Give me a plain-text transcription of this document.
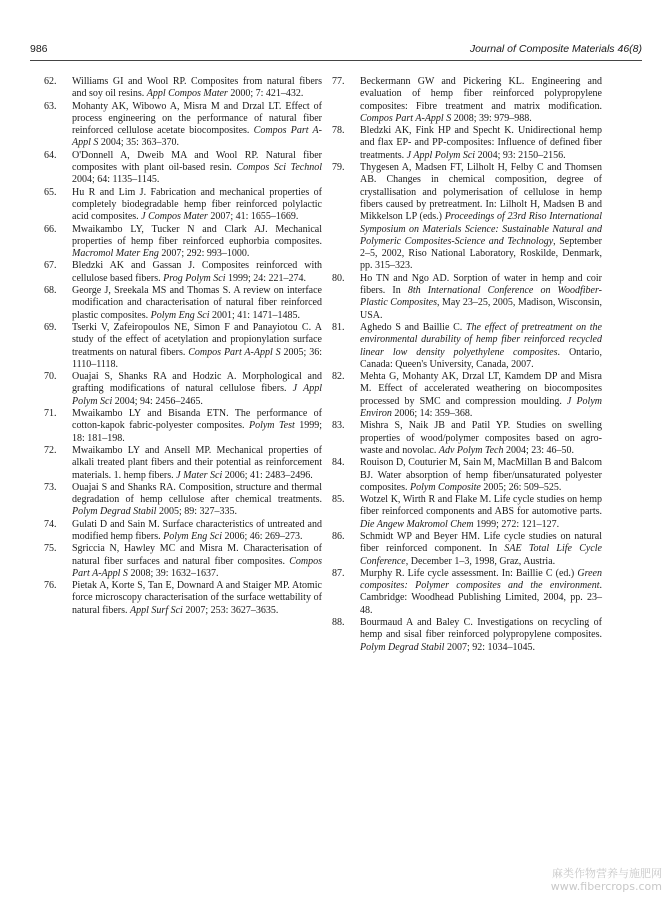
986	Journal of Composite Materials 46(8)
62. Williams GI and Wool RP. Composites from natural fibers and soy oil resins. Appl Compos Mater 2000; 7: 421–432.
63. Mohanty AK, Wibowo A, Misra M and Drzal LT. Effect of process engineering on the performance of natural fiber reinforced cellulose acetate biocomposites. Compos Part A-Appl S 2004; 35: 363–370.
64. O'Donnell A, Dweib MA and Wool RP. Natural fiber composites with plant oil-based resin. Compos Sci Technol 2004; 64: 1135–1145.
65. Hu R and Lim J. Fabrication and mechanical properties of completely biodegradable hemp fiber reinforced polylactic acid composites. J Compos Mater 2007; 41: 1655–1669.
66. Mwaikambo LY, Tucker N and Clark AJ. Mechanical properties of hemp fiber reinforced euphorbia composites. Macromol Mater Eng 2007; 292: 993–1000.
67. Bledzki AK and Gassan J. Composites reinforced with cellulose based fibers. Prog Polym Sci 1999; 24: 221–274.
68. George J, Sreekala MS and Thomas S. A review on interface modification and characterisation of natural fiber reinforced plastic composites. Polym Eng Sci 2001; 41: 1471–1485.
69. Tserki V, Zafeiropoulos NE, Simon F and Panayiotou C. A study of the effect of acetylation and propionylation surface treatments on natural fibers. Compos Part A-Appl S 2005; 36: 1110–1118.
70. Ouajai S, Shanks RA and Hodzic A. Morphological and grafting modifications of natural cellulose fibers. J Appl Polym Sci 2004; 94: 2456–2465.
71. Mwaikambo LY and Bisanda ETN. The performance of cotton-kapok fabric-polyester composites. Polym Test 1999; 18: 181–198.
72. Mwaikambo LY and Ansell MP. Mechanical properties of alkali treated plant fibers and their potential as reinforcement materials. 1. hemp fibers. J Mater Sci 2006; 41: 2483–2496.
73. Ouajai S and Shanks RA. Composition, structure and thermal degradation of hemp cellulose after chemical treatments. Polym Degrad Stabil 2005; 89: 327–335.
74. Gulati D and Sain M. Surface characteristics of untreated and modified hemp fibers. Polym Eng Sci 2006; 46: 269–273.
75. Sgriccia N, Hawley MC and Misra M. Characterisation of natural fiber surfaces and natural fiber composites. Compos Part A-Appl S 2008; 39: 1632–1637.
76. Pietak A, Korte S, Tan E, Downard A and Staiger MP. Atomic force microscopy characterisation of the surface wettability of natural fibers. Appl Surf Sci 2007; 253: 3627–3635.
77. Beckermann GW and Pickering KL. Engineering and evaluation of hemp fiber reinforced polypropylene composites: Fibre treatment and matrix modification. Compos Part A-Appl S 2008; 39: 979–988.
78. Bledzki AK, Fink HP and Specht K. Unidirectional hemp and flax EP- and PP-composites: Influence of defined fiber treatments. J Appl Polym Sci 2004; 93: 2150–2156.
79. Thygesen A, Madsen FT, Lilholt H, Felby C and Thomsen AB. Changes in chemical composition, degree of crystallisation and polymerisation of cellulose in hemp fibers caused by pretreatment. In: Lilholt H, Madsen B and Mikkelson LP (eds.) Proceedings of 23rd Riso International Symposium on Materials Science: Sustainable Natural and Polymeric Composites-Science and Technology, September 2–5, 2002, Riso National Laboratory, Roskilde, Denmark, pp. 315–323.
80. Ho TN and Ngo AD. Sorption of water in hemp and coir fibers. In 8th International Conference on Woodfiber-Plastic Composites, May 23–25, 2005, Madison, Wisconsin, USA.
81. Aghedo S and Baillie C. The effect of pretreatment on the environmental durability of hemp fiber reinforced recycled linear low density polyethylene composites. Ontario, Canada: Queen's University, Canada, 2007.
82. Mehta G, Mohanty AK, Drzal LT, Kamdem DP and Misra M. Effect of accelerated weathering on biocomposites processed by SMC and compression moulding. J Polym Environ 2006; 14: 359–368.
83. Mishra S, Naik JB and Patil YP. Studies on swelling properties of wood/polymer composites based on agro-waste and novolac. Adv Polym Tech 2004; 23: 46–50.
84. Rouison D, Couturier M, Sain M, MacMillan B and Balcom BJ. Water absorption of hemp fiber/unsaturated polyester composites. Polym Composite 2005; 26: 509–525.
85. Wotzel K, Wirth R and Flake M. Life cycle studies on hemp fiber reinforced components and ABS for automotive parts. Die Angew Makromol Chem 1999; 272: 121–127.
86. Schmidt WP and Beyer HM. Life cycle studies on natural fiber reinforced component. In SAE Total Life Cycle Conference, December 1–3, 1998, Graz, Austria.
87. Murphy R. Life cycle assessment. In: Baillie C (ed.) Green composites: Polymer composites and the environment. Cambridge: Woodhead Publishing Limited, 2004, pp. 23–48.
88. Bourmaud A and Baley C. Investigations on recycling of hemp and sisal fiber reinforced polypropylene composites. Polym Degrad Stabil 2007; 92: 1034–1045.
麻类作物营养与施肥网
www.fibercrops.com
